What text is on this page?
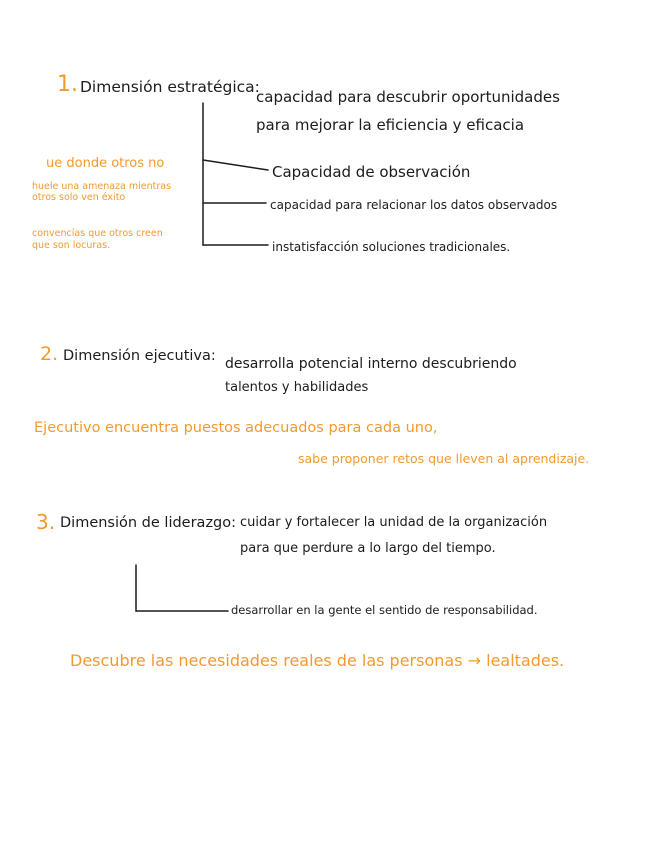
1. Dimensión estratégica:
capacidad para descubrir oportunidades
para mejorar la eficiencia y eficacia
Capacidad de observación
capacidad para relacionar los datos observados
instatisfacción soluciones tradicionales.
ue donde otros no
huele una amenaza mientras
otros solo ven éxito
convencías que otros creen
que son locuras.
2. Dimensión ejecutiva: desarrolla potencial interno descubriendo
talentos y habilidades
Ejecutivo encuentra puestos adecuados para cada uno,
sabe proponer retos que lleven al aprendizaje.
3. Dimensión de liderazgo: cuidar y fortalecer la unidad de la organización
para que perdure a lo largo del tiempo.
desarrollar en la gente el sentido de responsabilidad.
Descubre las necesidades reales de las personas → lealtades.
